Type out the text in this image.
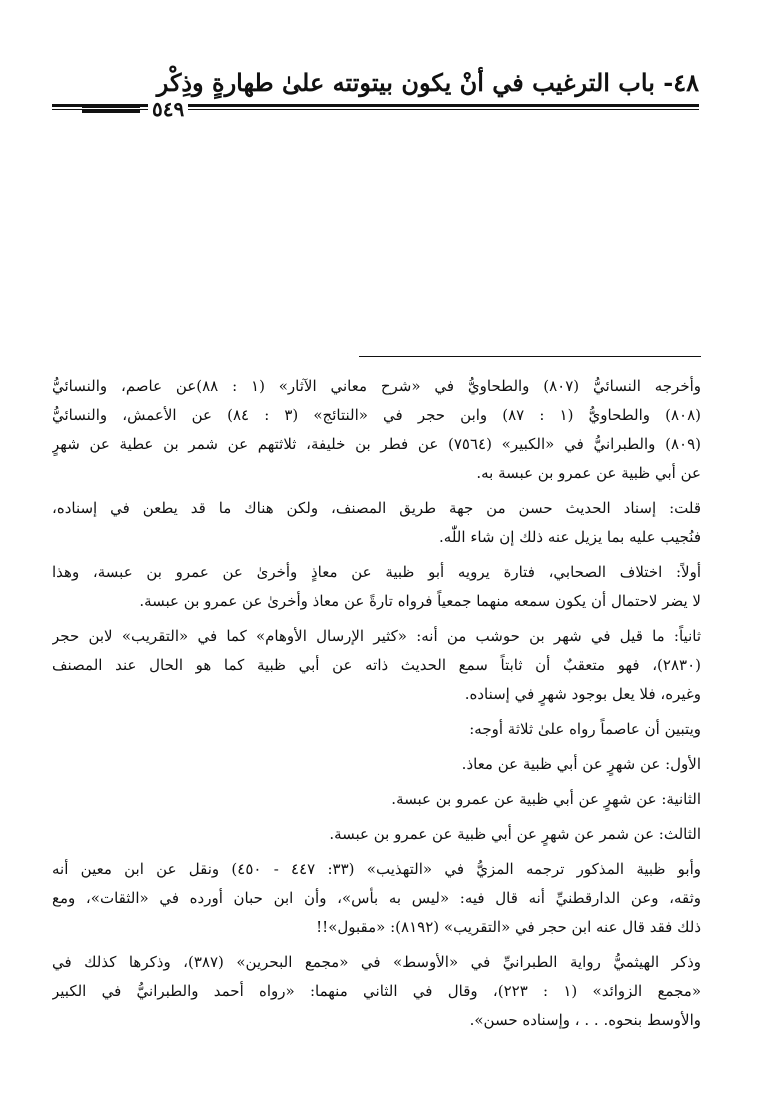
٤٨- باب الترغيب في أنْ يكون بيتوتته علىٰ طهارةٍ وذِكْر
٥٤٩

وأخرجه النسائيُّ (٨٠٧) والطحاويُّ في «شرح معاني الآثار» (١ : ٨٨)عن عاصم، والنسائيُّ
(٨٠٨) والطحاويُّ (١ : ٨٧) وابن حجر في «النتائج» (٣ : ٨٤) عن الأعمش، والنسائيُّ
(٨٠٩) والطبرانيُّ في «الكبير» (٧٥٦٤) عن فطر بن خليفة، ثلاثتهم عن شمر بن عطية عن شهرٍ
عن أبي ظبية عن عمرو بن عبسة به.

قلت: إسناد الحديث حسن من جهة طريق المصنف، ولكن هناك ما قد يطعن في إسناده،
فنُجيب عليه بما يزيل عنه ذلك إن شاء اللّٰه.

أولاً: اختلاف الصحابي، فتارة يرويه أبو ظبية عن معاذٍ وأخرىٰ عن عمرو بن عبسة، وهذا
لا يضر لاحتمال أن يكون سمعه منهما جمعياً فرواه تارةً عن معاذ وأخرىٰ عن عمرو بن عبسة.

ثانياً: ما قيل في شهر بن حوشب من أنه: «كثير الإرسال الأوهام» كما في «التقريب» لابن حجر
(٢٨٣٠)، فهو متعقبٌ أن ثابتاً سمع الحديث ذاته عن أبي ظبية كما هو الحال عند المصنف
وغيره، فلا يعل بوجود شهرٍ في إسناده.

ويتبين أن عاصماً رواه علىٰ ثلاثة أوجه:

الأول: عن شهرٍ عن أبي ظبية عن معاذ.

الثانية: عن شهرٍ عن أبي ظبية عن عمرو بن عبسة.

الثالث: عن شمر عن شهرٍ عن أبي ظبية عن عمرو بن عبسة.

وأبو ظبية المذكور ترجمه المزيُّ في «التهذيب» (٣٣: ٤٤٧ - ٤٥٠) ونقل عن ابن معين أنه
وثقه، وعن الدارقطنيِّ أنه قال فيه: «ليس به بأس»، وأن ابن حبان أورده في «الثقات»، ومع
ذلك فقد قال عنه ابن حجر في «التقريب» (٨١٩٢): «مقبول»!!

وذكر الهيثميُّ رواية الطبرانيِّ في «الأوسط» في «مجمع البحرين» (٣٨٧)، وذكرها كذلك في
«مجمع الزوائد» (١ : ٢٢٣)، وقال في الثاني منهما: «رواه أحمد والطبرانيُّ في الكبير
والأوسط بنحوه. . . ، وإسناده حسن».
